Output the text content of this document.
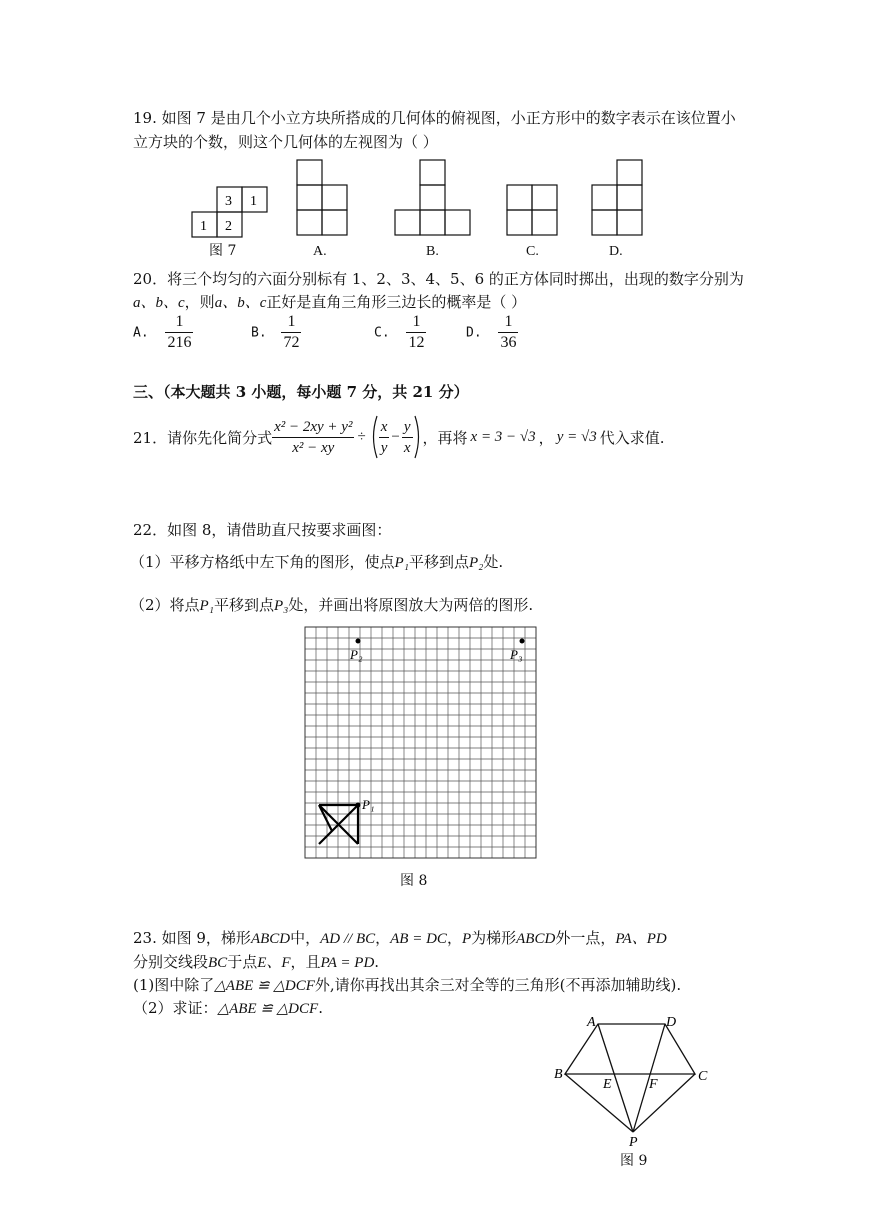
19. 如图 7 是由几个小立方块所搭成的几何体的俯视图，小正方形中的数字表示在该位置小
立方块的个数，则这个几何体的左视图为（ ）
3 1
1 2
图 7	A.	B.	C.	D.
20．将三个均匀的六面分别标有 1、2、3、4、5、6 的正方体同时掷出，出现的数字分别为
a、b、c，则a、b、c正好是直角三角形三边长的概率是（ ）
A. $\frac{1}{216}$	B. $\frac{1}{72}$	C. $\frac{1}{12}$	D. $\frac{1}{36}$
三、（本大题共 3 小题，每小题 7 分，共 21 分）
21．请你先化简分式 $\frac{\text{x² − 2xy + y²}}{\text{x² − xy}} \div \frac{x}{y} - \frac{y}{x}$ ，再将 x = 3 − √3 ， y = √3 代入求值.
22．如图 8，请借助直尺按要求画图：
（1）平移方格纸中左下角的图形，使点P₁平移到点P₂处.
（2）将点P₁平移到点P₃处，并画出将原图放大为两倍的图形.
P₁
P₂	P₃
图 8
23. 如图 9，梯形ABCD中，AD // BC，AB = DC，P为梯形ABCD外一点，PA、PD
分别交线段BC于点E、F，且PA = PD.
(1)图中除了△ABE ≌ △DCF外,请你再找出其余三对全等的三角形(不再添加辅助线).
（2）求证：△ABE ≌ △DCF.
A	D
B	C
E	F
P
图 9
